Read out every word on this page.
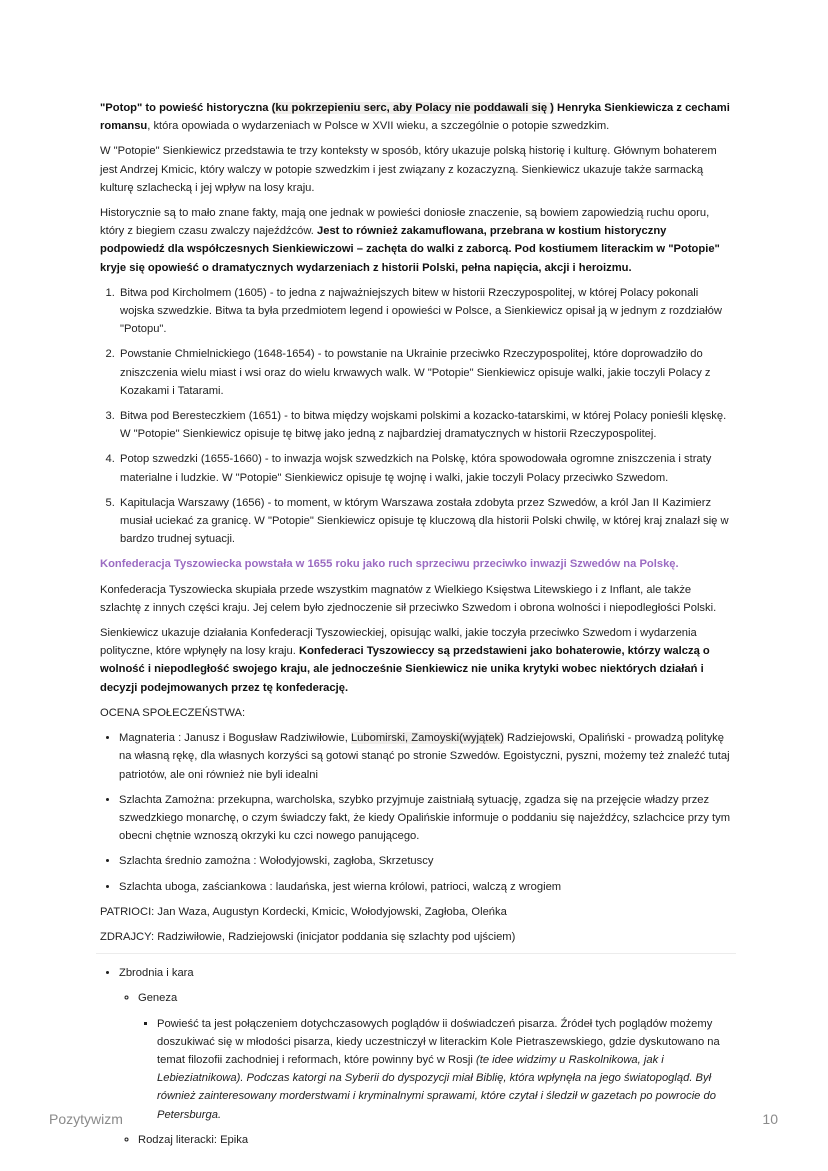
"Potop" to powieść historyczna (ku pokrzepieniu serc, aby Polacy nie poddawali się ) Henryka Sienkiewicza z cechami romansu, która opowiada o wydarzeniach w Polsce w XVII wieku, a szczególnie o potopie szwedzkim.

W "Potopie" Sienkiewicz przedstawia te trzy konteksty w sposób, który ukazuje polską historię i kulturę. Głównym bohaterem jest Andrzej Kmicic, który walczy w potopie szwedzkim i jest związany z kozaczyzną. Sienkiewicz ukazuje także sarmacką kulturę szlachecką i jej wpływ na losy kraju.

Historycznie są to mało znane fakty, mają one jednak w powieści doniosłe znaczenie, są bowiem zapowiedzią ruchu oporu, który z biegiem czasu zwalczy najeźdźców. Jest to również zakamuflowana, przebrana w kostium historyczny podpowiedź dla współczesnych Sienkiewiczowi – zachęta do walki z zaborcą. Pod kostiumem literackim w "Potopie" kryje się opowieść o dramatycznych wydarzeniach z historii Polski, pełna napięcia, akcji i heroizmu.

1. Bitwa pod Kircholmem (1605) - to jedna z najważniejszych bitew w historii Rzeczypospolitej, w której Polacy pokonali wojska szwedzkie. Bitwa ta była przedmiotem legend i opowieści w Polsce, a Sienkiewicz opisał ją w jednym z rozdziałów "Potopu".
2. Powstanie Chmielnickiego (1648-1654) - to powstanie na Ukrainie przeciwko Rzeczypospolitej, które doprowadziło do zniszczenia wielu miast i wsi oraz do wielu krwawych walk. W "Potopie" Sienkiewicz opisuje walki, jakie toczyli Polacy z Kozakami i Tatarami.
3. Bitwa pod Beresteczkiem (1651) - to bitwa między wojskami polskimi a kozacko-tatarskimi, w której Polacy ponieśli klęskę. W "Potopie" Sienkiewicz opisuje tę bitwę jako jedną z najbardziej dramatycznych w historii Rzeczypospolitej.
4. Potop szwedzki (1655-1660) - to inwazja wojsk szwedzkich na Polskę, która spowodowała ogromne zniszczenia i straty materialne i ludzkie. W "Potopie" Sienkiewicz opisuje tę wojnę i walki, jakie toczyli Polacy przeciwko Szwedom.
5. Kapitulacja Warszawy (1656) - to moment, w którym Warszawa została zdobyta przez Szwedów, a król Jan II Kazimierz musiał uciekać za granicę. W "Potopie" Sienkiewicz opisuje tę kluczową dla historii Polski chwilę, w której kraj znalazł się w bardzo trudnej sytuacji.

Konfederacja Tyszowiecka powstała w 1655 roku jako ruch sprzeciwu przeciwko inwazji Szwedów na Polskę.

Konfederacja Tyszowiecka skupiała przede wszystkim magnatów z Wielkiego Księstwa Litewskiego i z Inflant, ale także szlachtę z innych części kraju. Jej celem było zjednoczenie sił przeciwko Szwedom i obrona wolności i niepodległości Polski.

Sienkiewicz ukazuje działania Konfederacji Tyszowieckiej, opisując walki, jakie toczyła przeciwko Szwedom i wydarzenia polityczne, które wpłynęły na losy kraju. Konfederaci Tyszowieccy są przedstawieni jako bohaterowie, którzy walczą o wolność i niepodległość swojego kraju, ale jednocześnie Sienkiewicz nie unika krytyki wobec niektórych działań i decyzji podejmowanych przez tę konfederację.

OCENA SPOŁECZEŃSTWA:

• Magnateria : Janusz i Bogusław Radziwiłowie, Lubomirski, Zamoyski(wyjątek) Radziejowski, Opaliński - prowadzą politykę na własną rękę, dla własnych korzyści są gotowi stanąć po stronie Szwedów. Egoistyczni, pyszni, możemy też znaleźć tutaj patriotów, ale oni również nie byli idealni
• Szlachta Zamożna: przekupna, warcholska, szybko przyjmuje zaistniałą sytuację, zgadza się na przejęcie władzy przez szwedzkiego monarchę, o czym świadczy fakt, że kiedy Opalińskie informuje o poddaniu się najeźdźcy, szlachcice przy tym obecni chętnie wznoszą okrzyki ku czci nowego panującego.
• Szlachta średnio zamożna : Wołodyjowski, zagłoba, Skrzetuscy
• Szlachta uboga, zaściankowa : laudańska, jest wierna królowi, patrioci, walczą z wrogiem

PATRIOCI: Jan Waza, Augustyn Kordecki, Kmicic, Wołodyjowski, Zagłoba, Oleńka

ZDRAJCY: Radziwiłowie, Radziejowski (inicjator poddania się szlachty pod ujściem)

• Zbrodnia i kara
◦ Geneza
▪ Powieść ta jest połączeniem dotychczasowych poglądów ii doświadczeń pisarza. Źródeł tych poglądów możemy doszukiwać się w młodości pisarza, kiedy uczestniczył w literackim Kole Pietraszewskiego, gdzie dyskutowano na temat filozofii zachodniej i reformach, które powinny być w Rosji (te idee widzimy u Raskolnikowa, jak i Lebieziatnikowa). Podczas katorgi na Syberii do dyspozycji miał Biblię, która wpłynęła na jego światopogląd. Był również zainteresowany morderstwami i kryminalnymi sprawami, które czytał i śledził w gazetach po powrocie do Petersburga.
◦ Rodzaj literacki: Epika
Pozytywizm	10
